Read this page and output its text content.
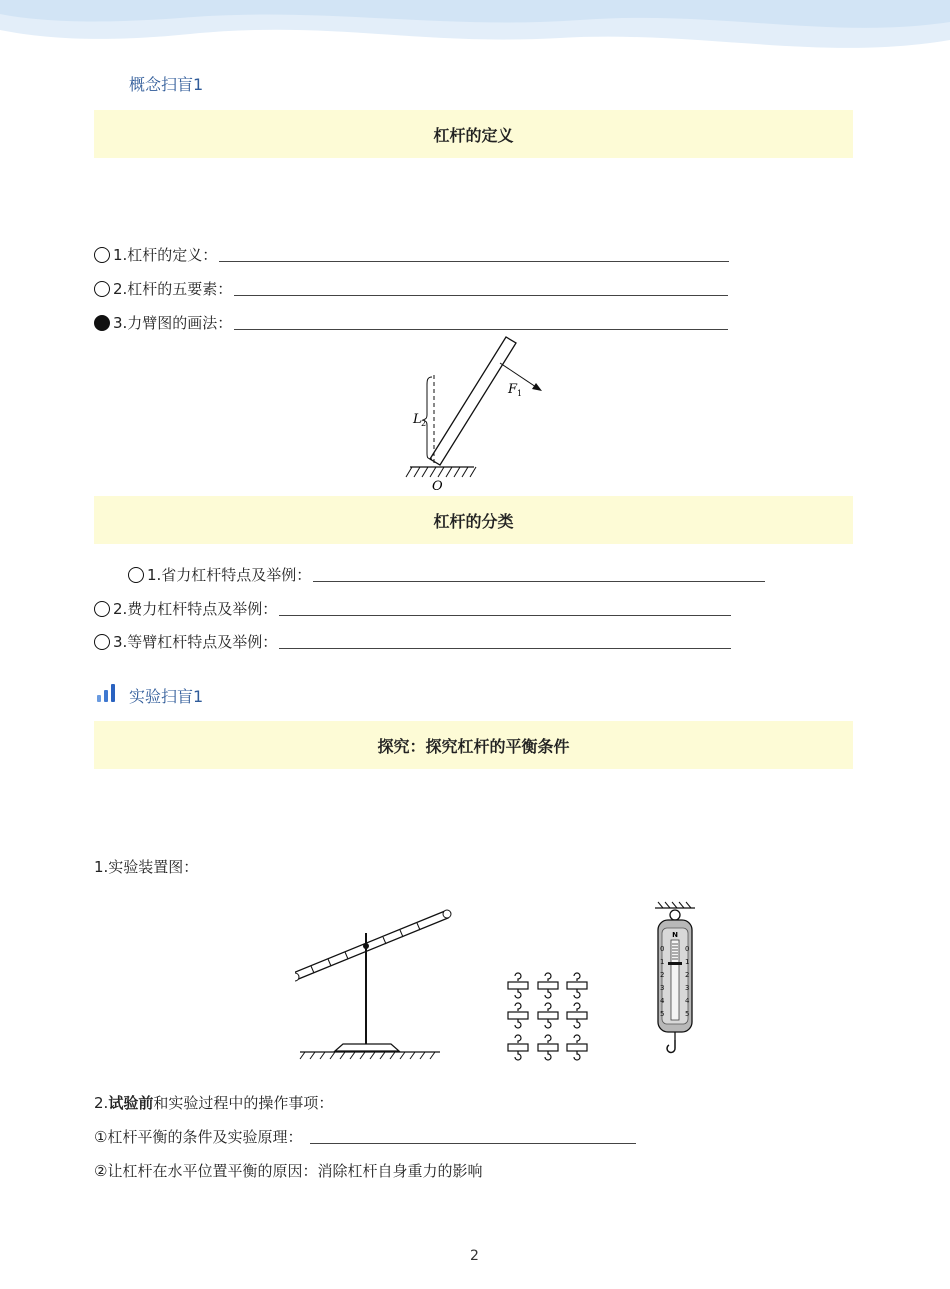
概念扫盲1
杠杆的定义
1.杠杆的定义：
2.杠杆的五要素：
3.力臂图的画法：
F 1
L 2
O
杠杆的分类
1.省力杠杆特点及举例：
2.费力杠杆特点及举例：
3.等臂杠杆特点及举例：
实验扫盲1
探究：探究杠杆的平衡条件
1.实验装置图：
N
0
1
2
3
4
5
0
1
2
3
4
5
2.试验前和实验过程中的操作事项：
①杠杆平衡的条件及实验原理：
②让杠杆在水平位置平衡的原因：消除杠杆自身重力的影响
2
